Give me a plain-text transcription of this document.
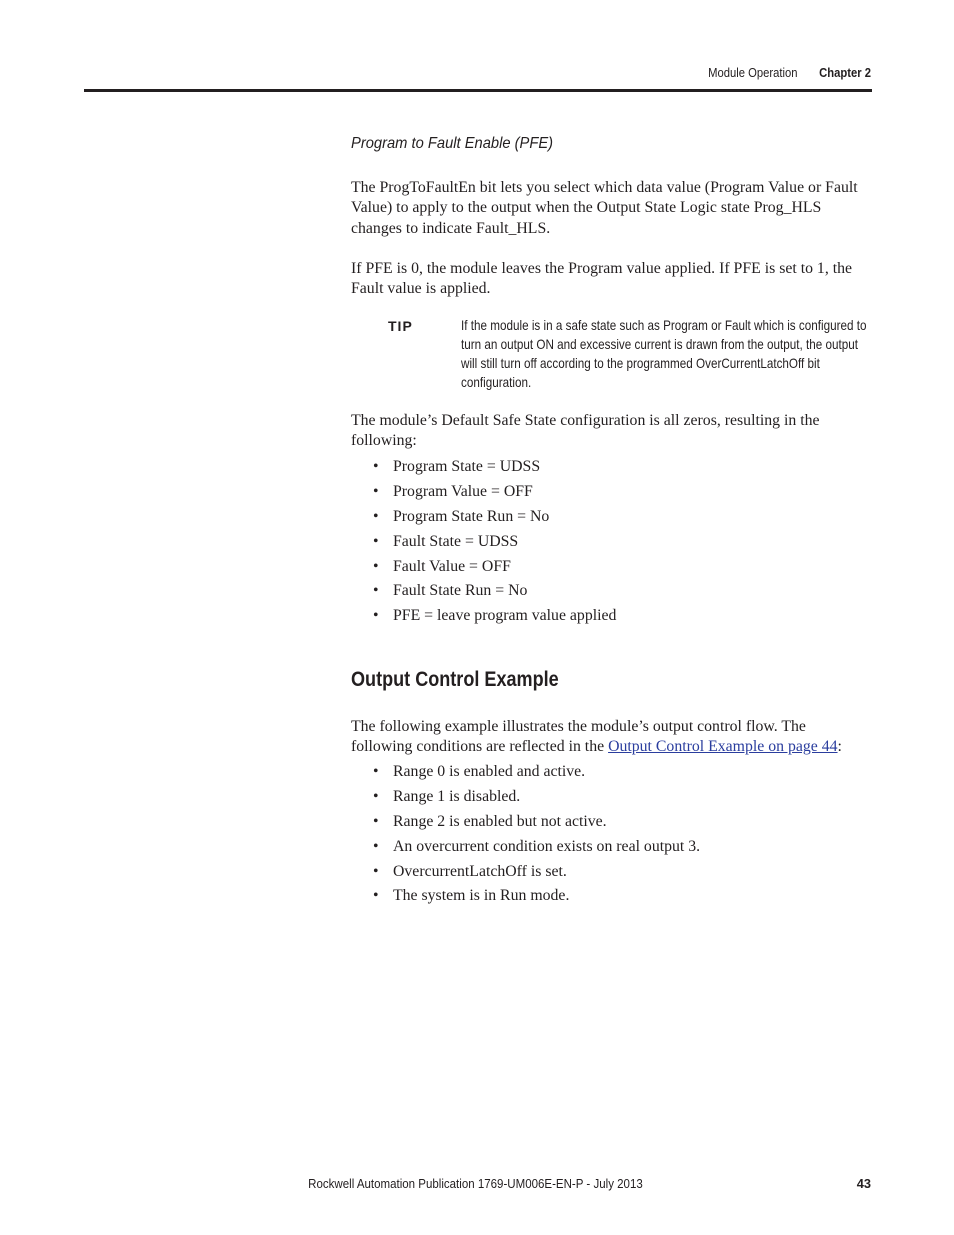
Module Operation Chapter 2
Program to Fault Enable (PFE)

The ProgToFaultEn bit lets you select which data value (Program Value or Fault Value) to apply to the output when the Output State Logic state Prog_HLS changes to indicate Fault_HLS.

If PFE is 0, the module leaves the Program value applied. If PFE is set to 1, the Fault value is applied.

TIP	If the module is in a safe state such as Program or Fault which is configured to turn an output ON and excessive current is drawn from the output, the output will still turn off according to the programmed OverCurrentLatchOff bit configuration.

The module’s Default Safe State configuration is all zeros, resulting in the following:

• Program State = UDSS
• Program Value = OFF
• Program State Run = No
• Fault State = UDSS
• Fault Value = OFF
• Fault State Run = No
• PFE = leave program value applied
Output Control Example

The following example illustrates the module’s output control flow. The following conditions are reflected in the Output Control Example on page 44:

• Range 0 is enabled and active.
• Range 1 is disabled.
• Range 2 is enabled but not active.
• An overcurrent condition exists on real output 3.
• OvercurrentLatchOff is set.
• The system is in Run mode.
Rockwell Automation Publication 1769-UM006E-EN-P - July 2013	43
